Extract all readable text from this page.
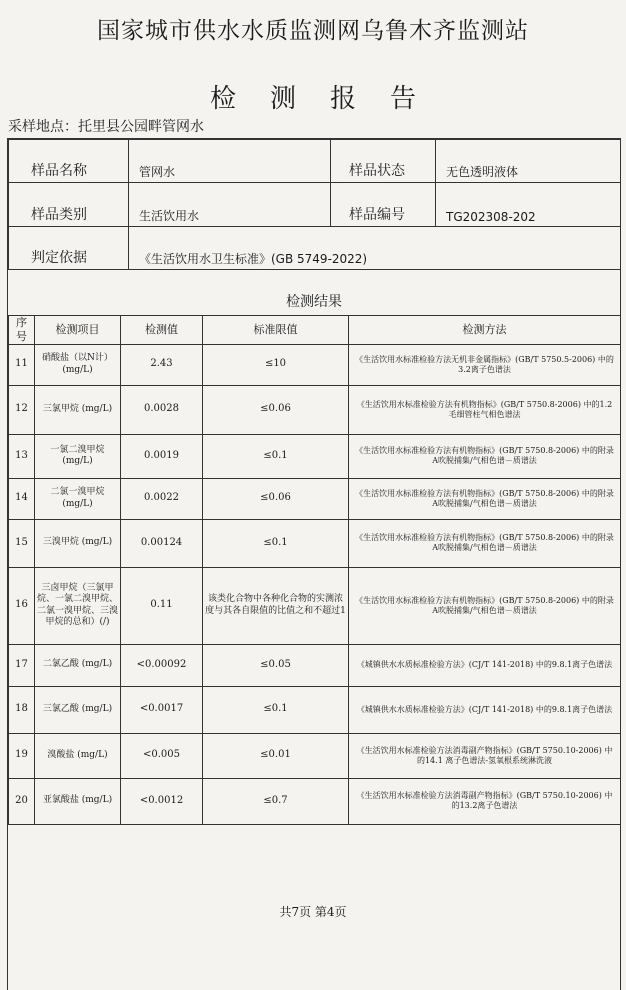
国家城市供水水质监测网乌鲁木齐监测站
检测报告
采样地点：托里县公园畔管网水
样品名称	管网水	样品状态	无色透明液体
样品类别	生活饮用水	样品编号	TG202308-202
判定依据	《生活饮用水卫生标准》(GB 5749-2022)		
检测结果
序号	检测项目	检测值	标准限值	检测方法
11	硝酸盐（以N计）(mg/L)	2.43	≤10	《生活饮用水标准检验方法无机非金属指标》(GB/T 5750.5-2006) 中的3.2离子色谱法
12	三氯甲烷 (mg/L)	0.0028	≤0.06	《生活饮用水标准检验方法有机物指标》(GB/T 5750.8-2006) 中的1.2毛细管柱气相色谱法
13	一氯二溴甲烷 (mg/L)	0.0019	≤0.1	《生活饮用水标准检验方法有机物指标》(GB/T 5750.8-2006) 中的附录A吹脱捕集/气相色谱－质谱法
14	二氯一溴甲烷 (mg/L)	0.0022	≤0.06	《生活饮用水标准检验方法有机物指标》(GB/T 5750.8-2006) 中的附录A吹脱捕集/气相色谱－质谱法
15	三溴甲烷 (mg/L)	0.00124	≤0.1	《生活饮用水标准检验方法有机物指标》(GB/T 5750.8-2006) 中的附录A吹脱捕集/气相色谱－质谱法
16	三卤甲烷（三氯甲烷、一氯二溴甲烷、二氯一溴甲烷、三溴甲烷的总和）(/)	0.11	该类化合物中各种化合物的实测浓度与其各自限值的比值之和不超过1	《生活饮用水标准检验方法有机物指标》(GB/T 5750.8-2006) 中的附录A吹脱捕集/气相色谱－质谱法
17	二氯乙酸 (mg/L)	<0.00092	≤0.05	《城镇供水水质标准检验方法》(CJ/T 141-2018) 中的9.8.1离子色谱法
18	三氯乙酸 (mg/L)	<0.0017	≤0.1	《城镇供水水质标准检验方法》(CJ/T 141-2018) 中的9.8.1离子色谱法
19	溴酸盐 (mg/L)	<0.005	≤0.01	《生活饮用水标准检验方法消毒副产物指标》(GB/T 5750.10-2006) 中的14.1 离子色谱法-氢氧根系统淋洗液
20	亚氯酸盐 (mg/L)	<0.0012	≤0.7	《生活饮用水标准检验方法消毒副产物指标》(GB/T 5750.10-2006) 中的13.2离子色谱法
共7页 第4页
